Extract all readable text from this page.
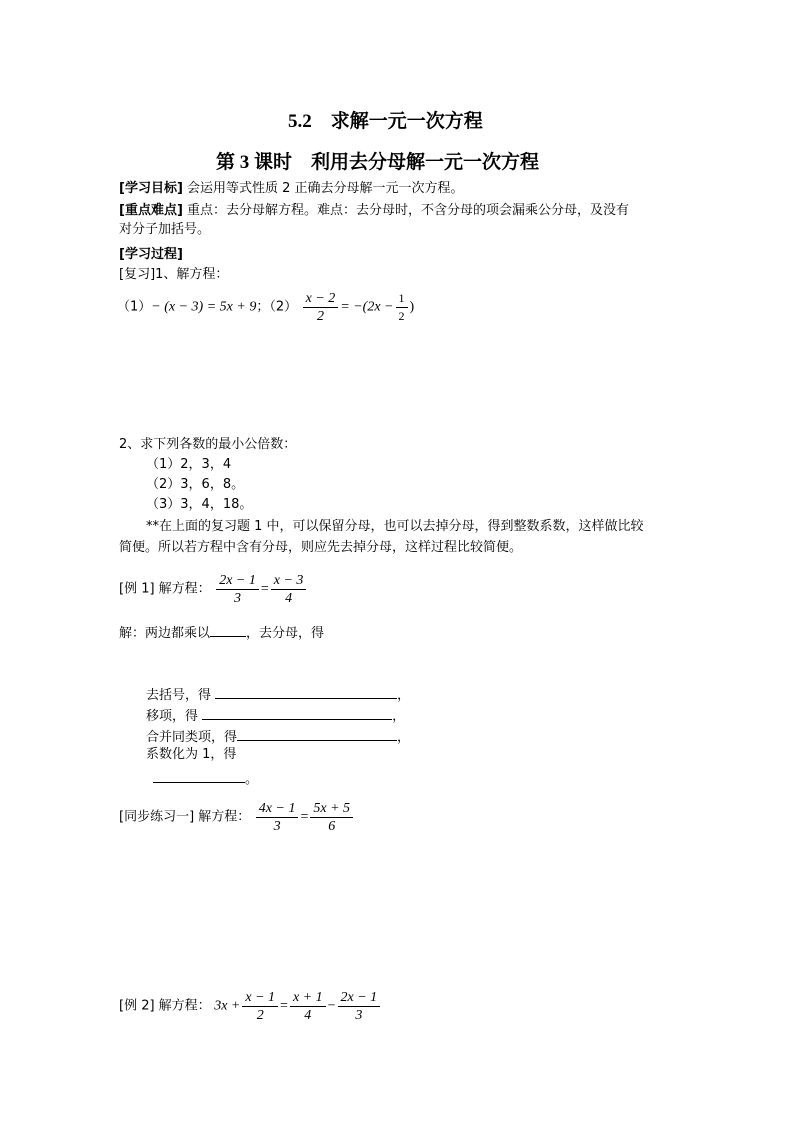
5.2　求解一元一次方程
第 3 课时　利用去分母解一元一次方程
[学习目标] 会运用等式性质 2 正确去分母解一元一次方程。
[重点难点] 重点：去分母解方程。难点：去分母时，不含分母的项会漏乘公分母，及没有
对分子加括号。
[学习过程]
[复习]1、解方程：
（1）− (x − 3) = 5x + 9；$(2) \frac{x - 2}{2} = -(2x - \frac{1}{2}$ )
2、求下列各数的最小公倍数：
（1）2，3，4
（2）3，6，8。
（3）3，4，18。
**在上面的复习题 1 中，可以保留分母，也可以去掉分母，得到整数系数，这样做比较
简便。所以若方程中含有分母，则应先去掉分母，这样过程比较简便。
[例 1] 解方程： $\frac{2x - 1}{3} = \frac{x - 3}{4}$
解：两边都乘以	，去分母，得
去括号，得	，
移项，得	，
合并同类项，得	，
系数化为 1，得
。
[同步练习一] 解方程： $\frac{4x - 1}{3} = \frac{5x + 5}{6}$
[例 2] 解方程： $3x + \frac{x - 1}{2} = \frac{x + 1}{4} - \frac{2x - 1}{3}$
